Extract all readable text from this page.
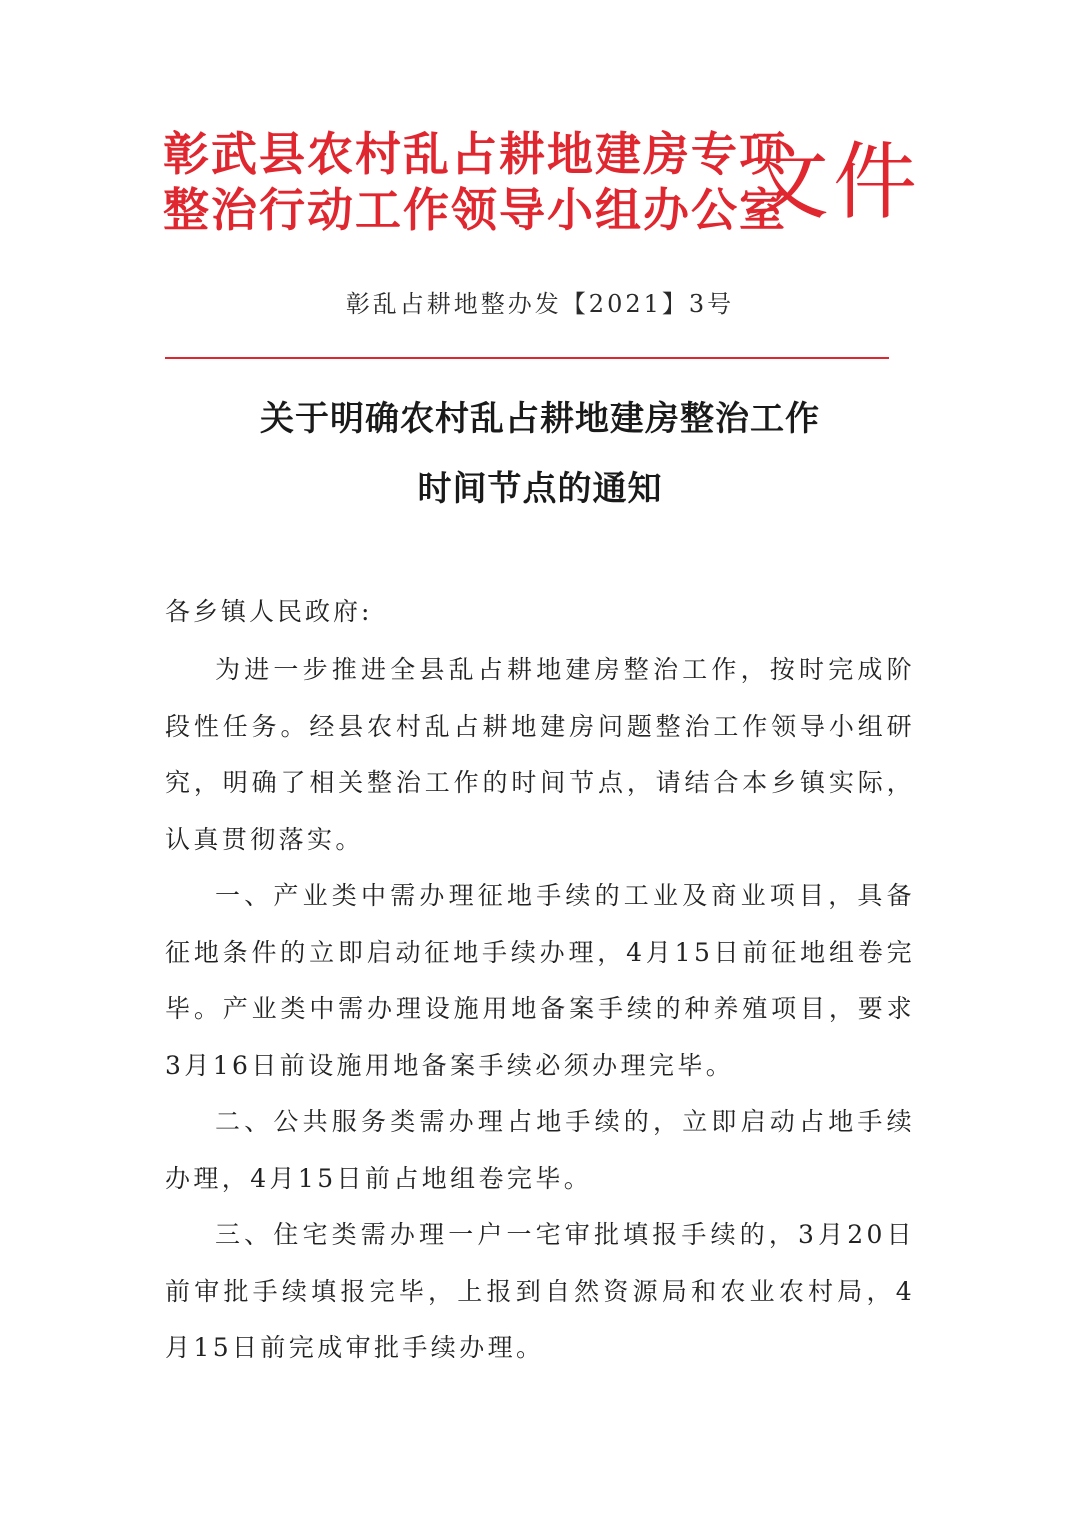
彰武县农村乱占耕地建房专项
整治行动工作领导小组办公室
文件
彰乱占耕地整办发【2021】3号
关于明确农村乱占耕地建房整治工作
时间节点的通知
各乡镇人民政府:

为进一步推进全县乱占耕地建房整治工作，按时完成阶段性任务。经县农村乱占耕地建房问题整治工作领导小组研究，明确了相关整治工作的时间节点，请结合本乡镇实际，认真贯彻落实。

一、产业类中需办理征地手续的工业及商业项目，具备征地条件的立即启动征地手续办理，4月15日前征地组卷完毕。产业类中需办理设施用地备案手续的种养殖项目，要求3月16日前设施用地备案手续必须办理完毕。

二、公共服务类需办理占地手续的，立即启动占地手续办理，4月15日前占地组卷完毕。

三、住宅类需办理一户一宅审批填报手续的，3月20日前审批手续填报完毕，上报到自然资源局和农业农村局，4月15日前完成审批手续办理。
